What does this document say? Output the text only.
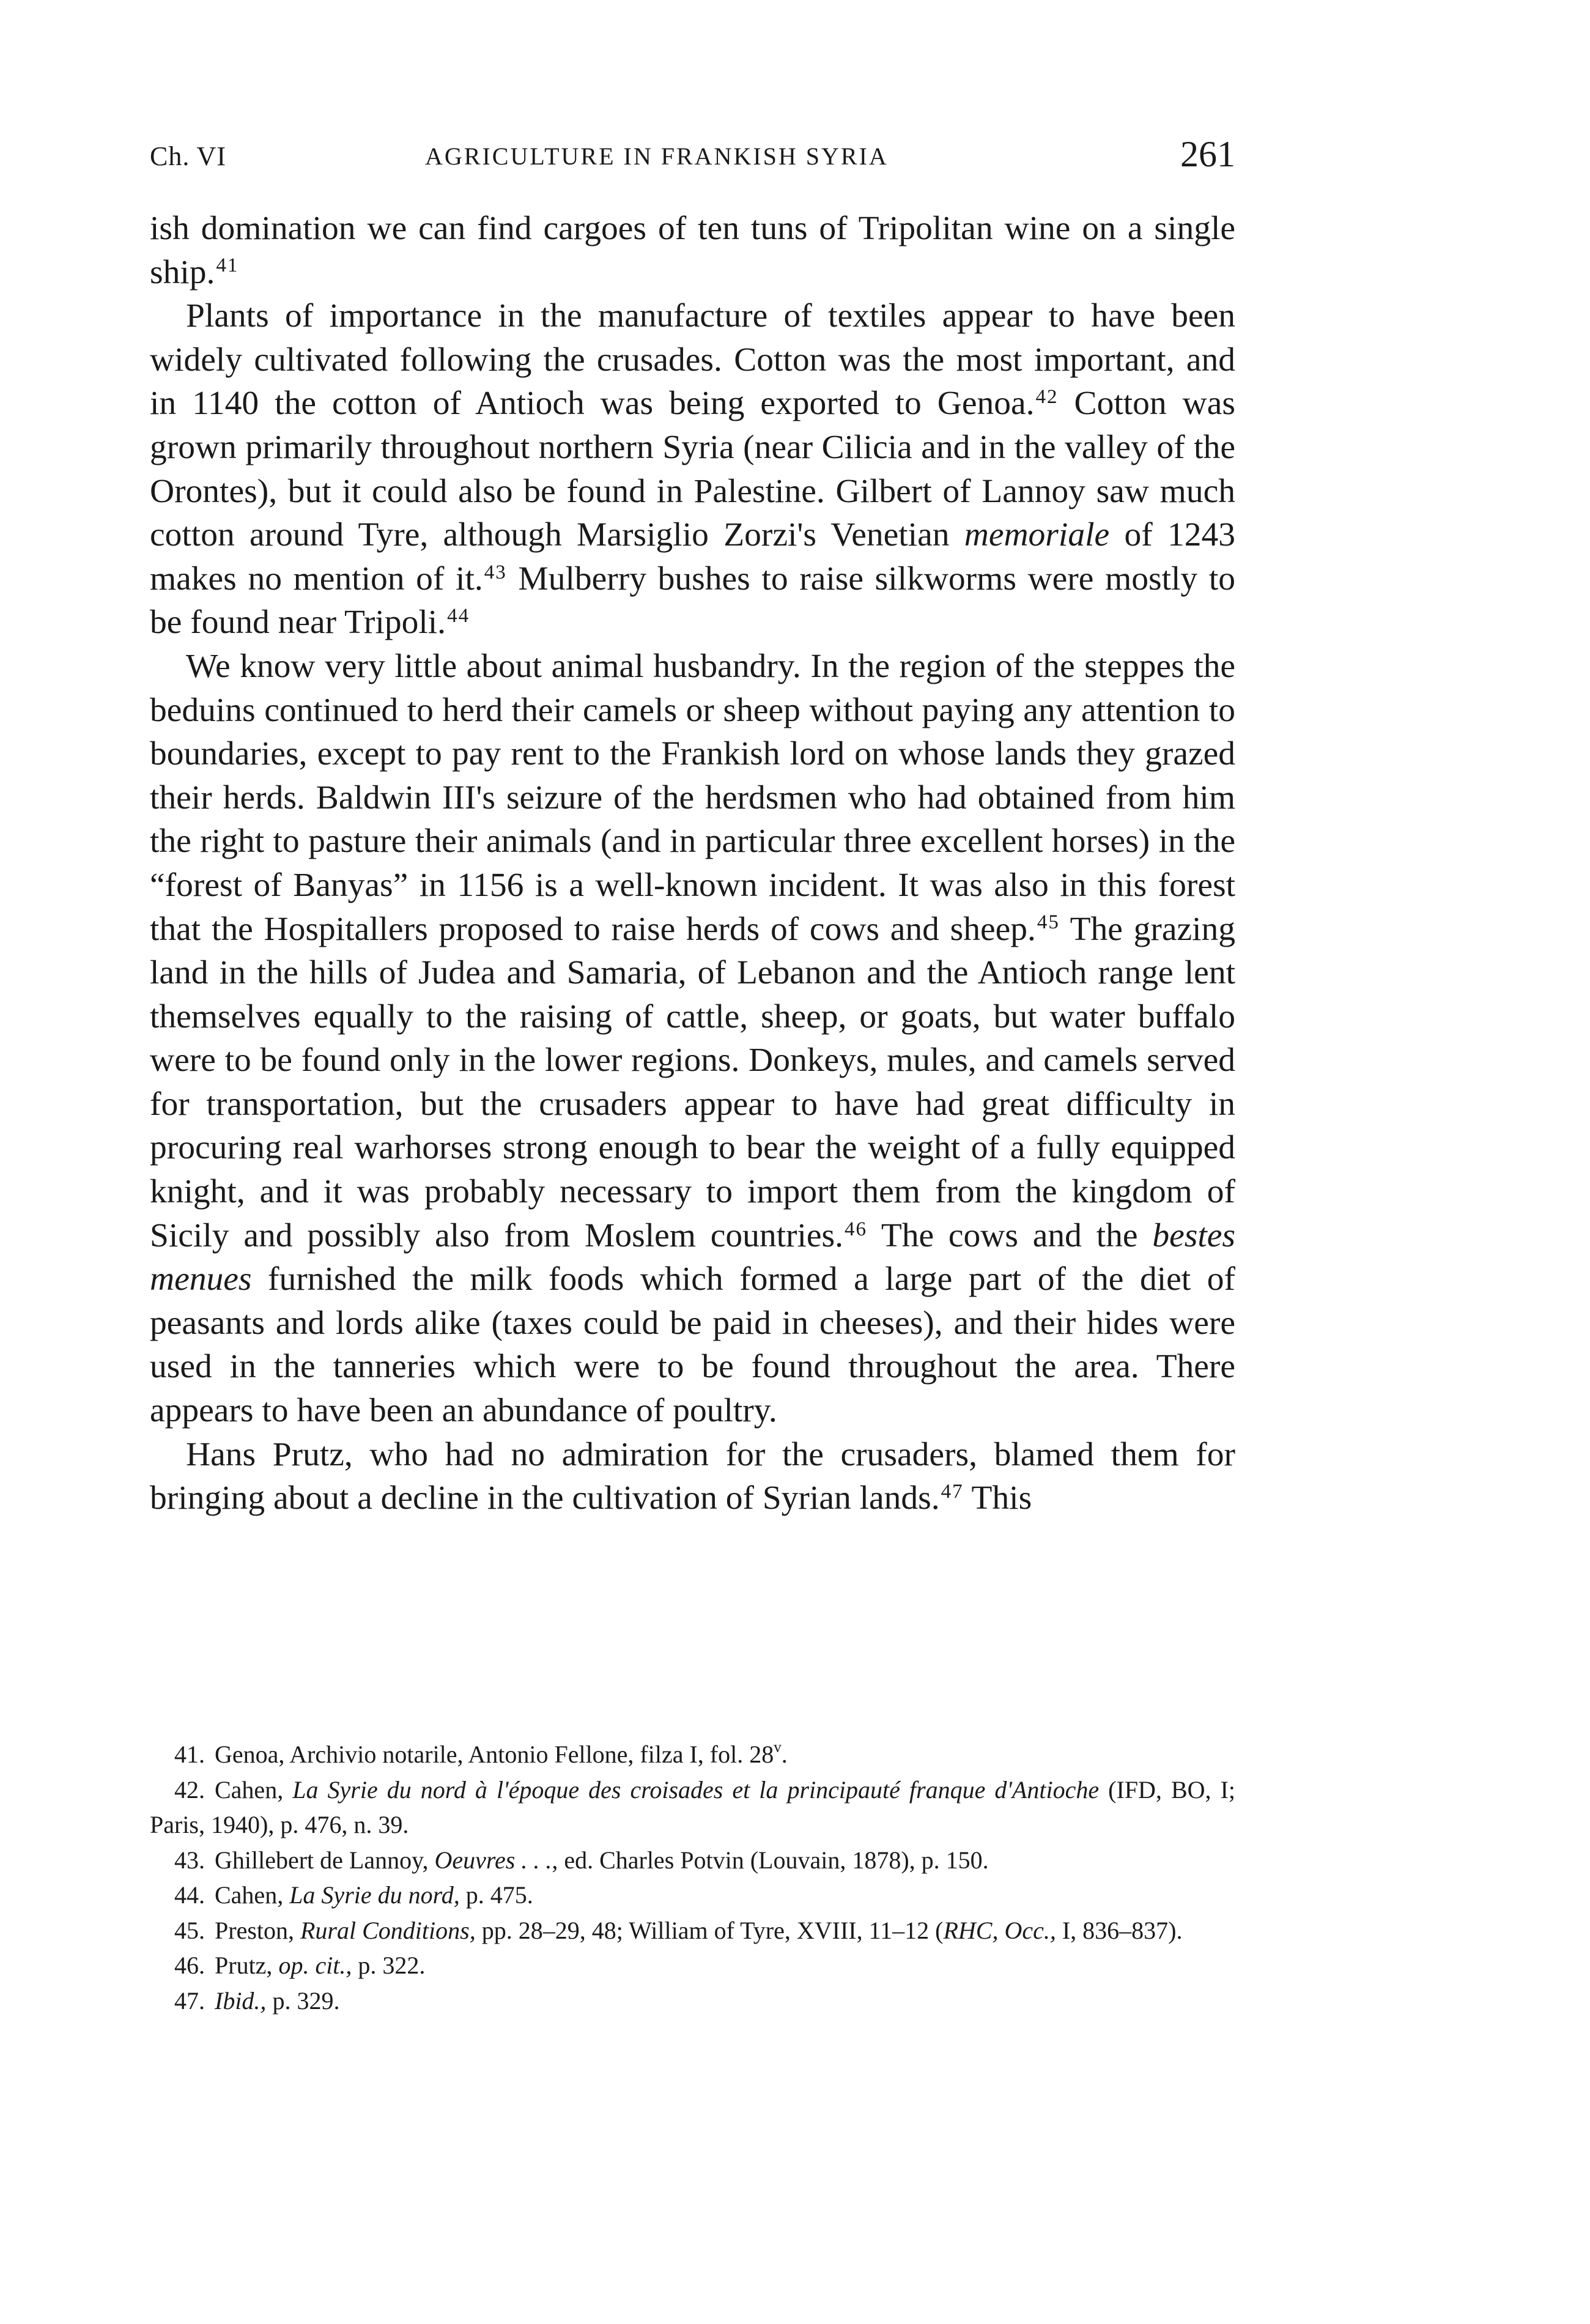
Ch. VI	AGRICULTURE IN FRANKISH SYRIA	261

ish domination we can find cargoes of ten tuns of Tripolitan wine on a single ship.$^{41}$

Plants of importance in the manufacture of textiles appear to have been widely cultivated following the crusades. Cotton was the most important, and in 1140 the cotton of Antioch was being exported to Genoa.$^{42}$ Cotton was grown primarily throughout northern Syria (near Cilicia and in the valley of the Orontes), but it could also be found in Palestine. Gilbert of Lannoy saw much cotton around Tyre, although Marsiglio Zorzi's Venetian memoriale of 1243 makes no mention of it.$^{43}$ Mulberry bushes to raise silkworms were mostly to be found near Tripoli.$^{44}$

We know very little about animal husbandry. In the region of the steppes the beduins continued to herd their camels or sheep without paying any attention to boundaries, except to pay rent to the Frankish lord on whose lands they grazed their herds. Baldwin III's seizure of the herdsmen who had obtained from him the right to pasture their animals (and in particular three excellent horses) in the “forest of Banyas” in 1156 is a well-known incident. It was also in this forest that the Hospitallers proposed to raise herds of cows and sheep.$^{45}$ The grazing land in the hills of Judea and Samaria, of Lebanon and the Antioch range lent themselves equally to the raising of cattle, sheep, or goats, but water buffalo were to be found only in the lower regions. Donkeys, mules, and camels served for transportation, but the crusaders appear to have had great difficulty in procuring real warhorses strong enough to bear the weight of a fully equipped knight, and it was probably necessary to import them from the kingdom of Sicily and possibly also from Moslem countries.$^{46}$ The cows and the bestes menues furnished the milk foods which formed a large part of the diet of peasants and lords alike (taxes could be paid in cheeses), and their hides were used in the tanneries which were to be found throughout the area. There appears to have been an abundance of poultry.

Hans Prutz, who had no admiration for the crusaders, blamed them for bringing about a decline in the cultivation of Syrian lands.$^{47}$ This

41. Genoa, Archivio notarile, Antonio Fellone, filza I, fol. 28$^v$.

42. Cahen, La Syrie du nord à l'époque des croisades et la principauté franque d'Antioche (IFD, BO, I; Paris, 1940), p. 476, n. 39.

43. Ghillebert de Lannoy, Oeuvres . . ., ed. Charles Potvin (Louvain, 1878), p. 150.

44. Cahen, La Syrie du nord, p. 475.

45. Preston, Rural Conditions, pp. 28–29, 48; William of Tyre, XVIII, 11–12 (RHC, Occ., I, 836–837).

46. Prutz, op. cit., p. 322.

47. Ibid., p. 329.
